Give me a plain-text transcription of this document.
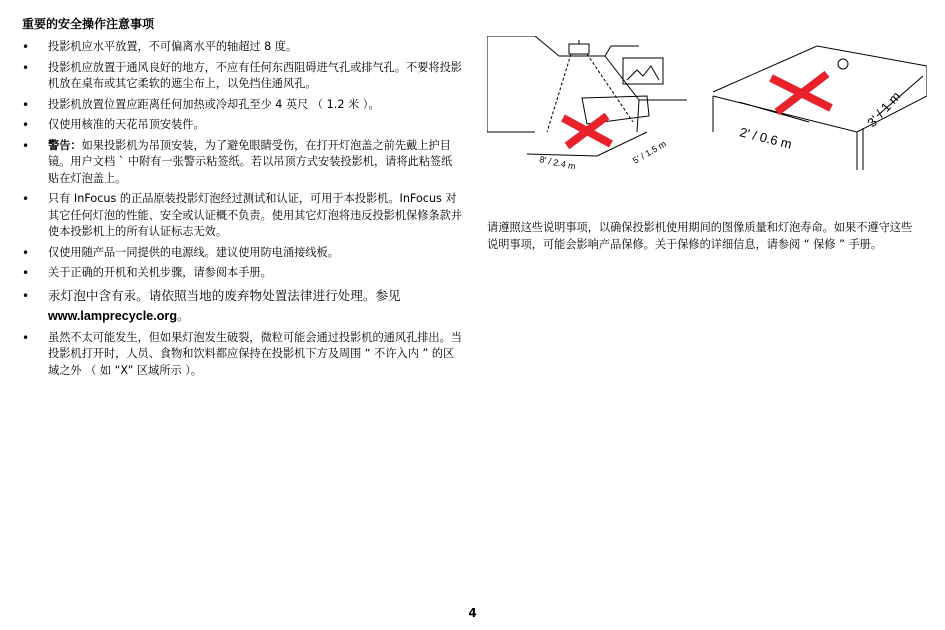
重要的安全操作注意事项
• 投影机应水平放置，不可偏离水平的轴超过 8 度。
• 投影机应放置于通风良好的地方，不应有任何东西阻碍进气孔或排气孔。不要将投影机放在桌布或其它柔软的遮尘布上，以免挡住通风孔。
• 投影机放置位置应距离任何加热或冷却孔至少 4 英尺 （ 1.2 米 ）。
• 仅使用核准的天花吊顶安装件。
• 警告：如果投影机为吊顶安装，为了避免眼睛受伤，在打开灯泡盖之前先戴上护目镜。用户文档 ` 中附有一张警示粘签纸。若以吊顶方式安装投影机，请将此粘签纸贴在灯泡盖上。
• 只有 InFocus 的正品原装投影灯泡经过测试和认证，可用于本投影机。InFocus 对其它任何灯泡的性能、安全或认证概不负责。使用其它灯泡将违反投影机保修条款并使本投影机上的所有认证标志无效。
• 仅使用随产品一同提供的电源线。建议使用防电涌接线板。
• 关于正确的开机和关机步骤，请参阅本手册。
• 汞灯泡中含有汞。请依照当地的废弃物处置法律进行处理。参见
www.lamprecycle.org。
• 虽然不太可能发生，但如果灯泡发生破裂，微粒可能会通过投影机的通风孔排出。当投影机打开时，人员、食物和饮料都应保持在投影机下方及周围 “ 不许入内 ” 的区域之外 （ 如 “X” 区域所示 ）。
8' / 2.4 m	5' / 1.5 m
2' / 0.6 m
3' / 1 m
请遵照这些说明事项，以确保投影机使用期间的图像质量和灯泡寿命。如果不遵守这些说明事项，可能会影响产品保修。关于保修的详细信息，请参阅 “ 保修 ” 手册。
4
